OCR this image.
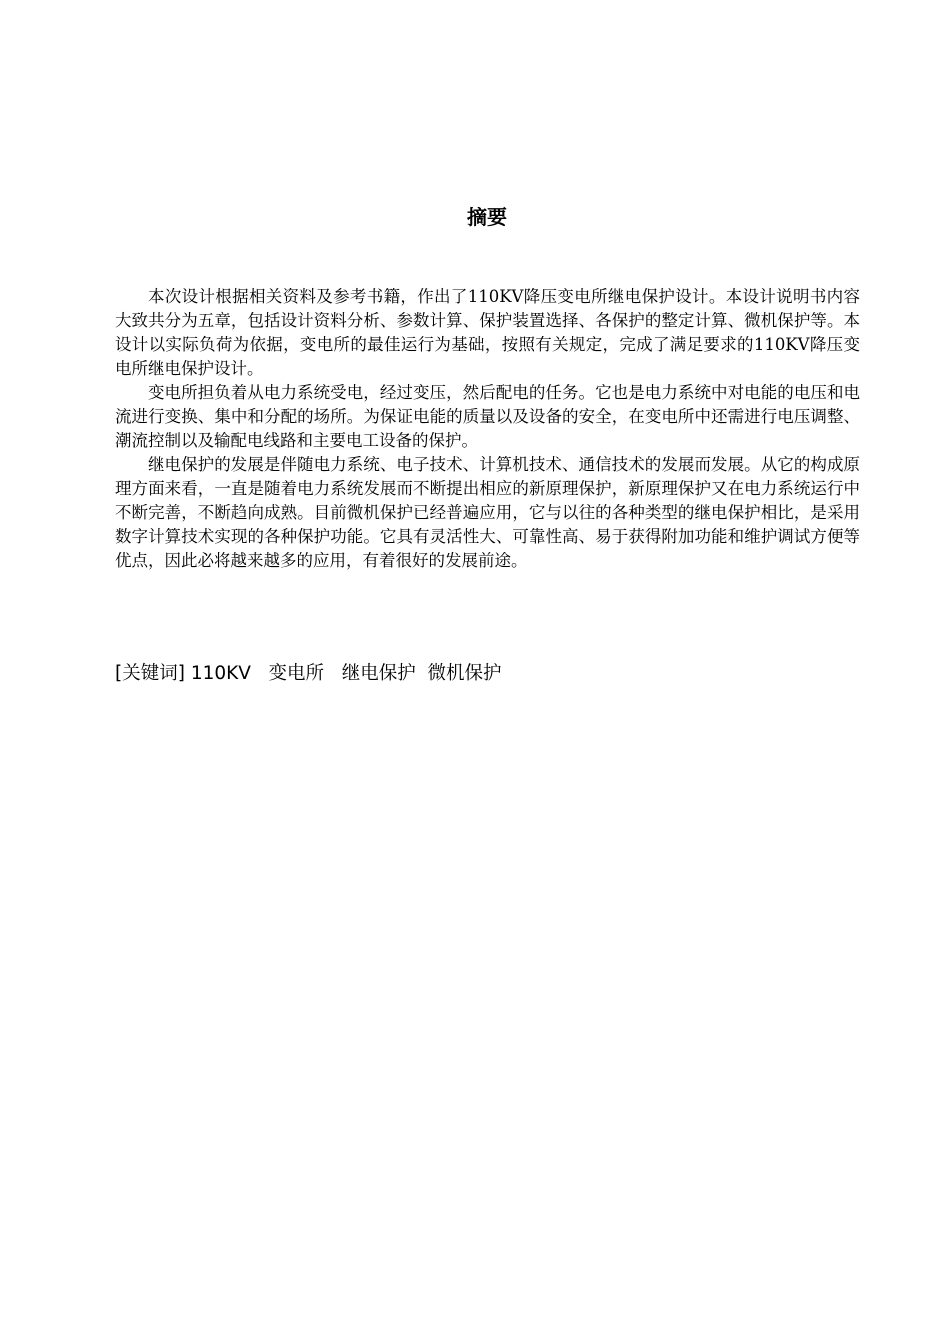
摘要

本次设计根据相关资料及参考书籍，作出了110KV降压变电所继电保护设计。本设计说明书内容大致共分为五章，包括设计资料分析、参数计算、保护装置选择、各保护的整定计算、微机保护等。本设计以实际负荷为依据，变电所的最佳运行为基础，按照有关规定，完成了满足要求的110KV降压变电所继电保护设计。

变电所担负着从电力系统受电，经过变压，然后配电的任务。它也是电力系统中对电能的电压和电流进行变换、集中和分配的场所。为保证电能的质量以及设备的安全，在变电所中还需进行电压调整、潮流控制以及输配电线路和主要电工设备的保护。

继电保护的发展是伴随电力系统、电子技术、计算机技术、通信技术的发展而发展。从它的构成原理方面来看，一直是随着电力系统发展而不断提出相应的新原理保护，新原理保护又在电力系统运行中不断完善，不断趋向成熟。目前微机保护已经普遍应用，它与以往的各种类型的继电保护相比，是采用数字计算技术实现的各种保护功能。它具有灵活性大、可靠性高、易于获得附加功能和维护调试方便等优点，因此必将越来越多的应用，有着很好的发展前途。

[关键词] 110KV   变电所   继电保护  微机保护
